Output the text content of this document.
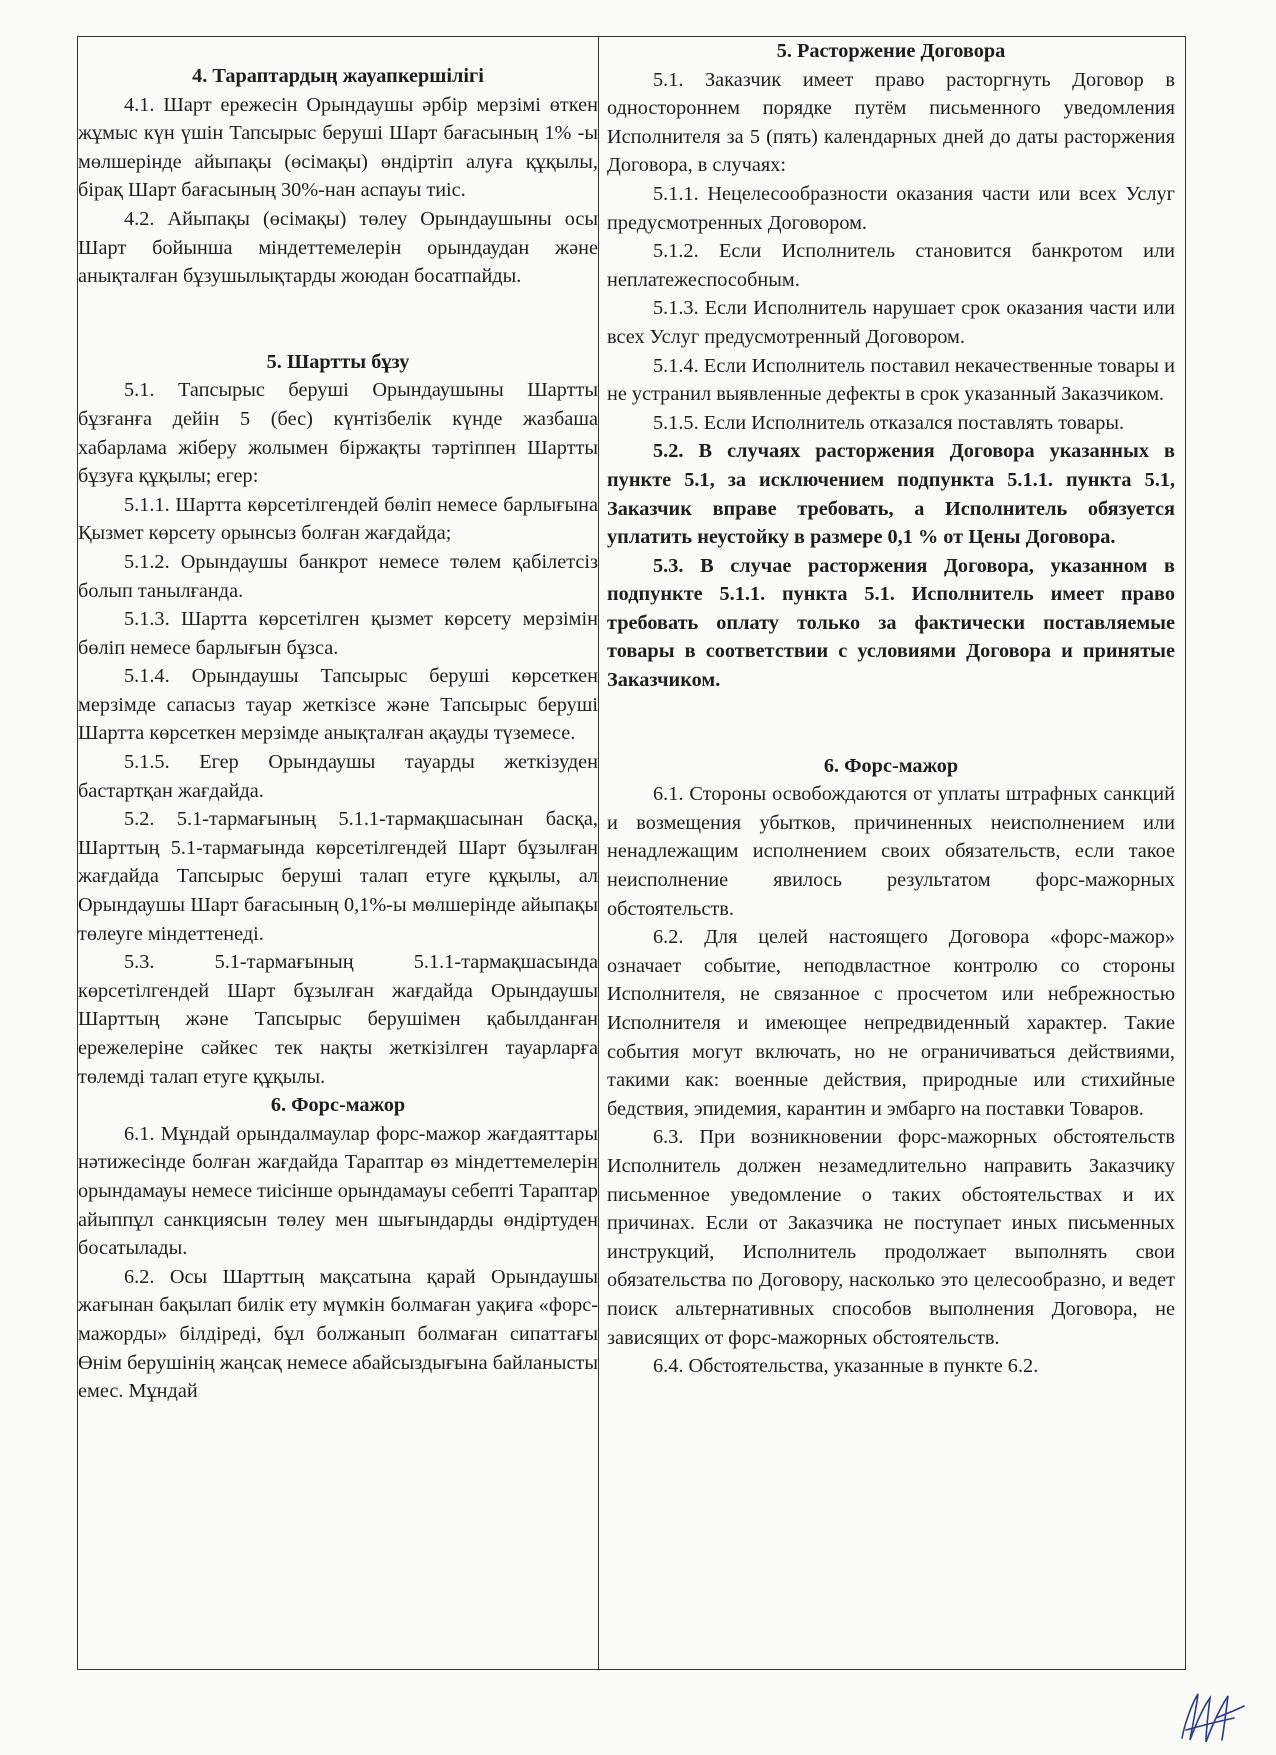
4. Тараптардың жауапкершілігі

4.1. Шарт ережесін Орындаушы әрбір мерзімі өткен жұмыс күн үшін Тапсырыс беруші Шарт бағасының 1% -ы мөлшерінде айыпақы (өсімақы) өндіртіп алуға құқылы, бірақ Шарт бағасының 30%-нан аспауы тиіс.

4.2. Айыпақы (өсімақы) төлеу Орындаушыны осы Шарт бойынша міндеттемелерін орындаудан және анықталған бұзушылықтарды жоюдан босатпайды.

5. Шартты бұзу

5.1. Тапсырыс беруші Орындаушыны Шартты бұзғанға дейін 5 (бес) күнтізбелік күнде жазбаша хабарлама жіберу жолымен біржақты тәртіппен Шартты бұзуға құқылы; егер:

5.1.1. Шартта көрсетілгендей бөліп немесе барлығына Қызмет көрсету орынсыз болған жағдайда;

5.1.2. Орындаушы банкрот немесе төлем қабілетсіз болып танылғанда.

5.1.3. Шартта көрсетілген қызмет көрсету мерзімін бөліп немесе барлығын бұзса.

5.1.4. Орындаушы Тапсырыс беруші көрсеткен мерзімде сапасыз тауар жеткізсе және Тапсырыс беруші Шартта көрсеткен мерзімде анықталған ақауды түземесе.

5.1.5. Егер Орындаушы тауарды жеткізуден бастартқан жағдайда.

5.2. 5.1-тармағының 5.1.1-тармақшасынан басқа, Шарттың 5.1-тармағында көрсетілгендей Шарт бұзылған жағдайда Тапсырыс беруші талап етуге құқылы, ал Орындаушы Шарт бағасының 0,1%-ы мөлшерінде айыпақы төлеуге міндеттенеді.

5.3. 5.1-тармағының 5.1.1-тармақшасында көрсетілгендей Шарт бұзылған жағдайда Орындаушы Шарттың және Тапсырыс берушімен қабылданған ережелеріне сәйкес тек нақты жеткізілген тауарларға төлемді талап етуге құқылы.

6. Форс-мажор

6.1. Мұндай орындалмаулар форс-мажор жағдаяттары нәтижесінде болған жағдайда Тараптар өз міндеттемелерін орындамауы немесе тиісінше орындамауы себепті Тараптар айыппұл санкциясын төлеу мен шығындарды өндіртуден босатылады.

6.2. Осы Шарттың мақсатына қарай Орындаушы жағынан бақылап билік ету мүмкін болмаған уақиға «форс-мажорды» білдіреді, бұл болжанып болмаған сипаттағы Өнім берушінің жаңсақ немесе абайсыздығына байланысты емес. Мұндай

5. Расторжение Договора

5.1. Заказчик имеет право расторгнуть Договор в одностороннем порядке путём письменного уведомления Исполнителя за 5 (пять) календарных дней до даты расторжения Договора, в случаях:

5.1.1. Нецелесообразности оказания части или всех Услуг предусмотренных Договором.

5.1.2. Если Исполнитель становится банкротом или неплатежеспособным.

5.1.3. Если Исполнитель нарушает срок оказания части или всех Услуг предусмотренный Договором.

5.1.4. Если Исполнитель поставил некачественные товары и не устранил выявленные дефекты в срок указанный Заказчиком.

5.1.5. Если Исполнитель отказался поставлять товары.

5.2. В случаях расторжения Договора указанных в пункте 5.1, за исключением подпункта 5.1.1. пункта 5.1, Заказчик вправе требовать, а Исполнитель обязуется уплатить неустойку в размере 0,1 % от Цены Договора.

5.3. В случае расторжения Договора, указанном в подпункте 5.1.1. пункта 5.1. Исполнитель имеет право требовать оплату только за фактически поставляемые товары в соответствии с условиями Договора и принятые Заказчиком.

6. Форс-мажор

6.1. Стороны освобождаются от уплаты штрафных санкций и возмещения убытков, причиненных неисполнением или ненадлежащим исполнением своих обязательств, если такое неисполнение явилось результатом форс-мажорных обстоятельств.

6.2. Для целей настоящего Договора «форс-мажор» означает событие, неподвластное контролю со стороны Исполнителя, не связанное с просчетом или небрежностью Исполнителя и имеющее непредвиденный характер. Такие события могут включать, но не ограничиваться действиями, такими как: военные действия, природные или стихийные бедствия, эпидемия, карантин и эмбарго на поставки Товаров.

6.3. При возникновении форс-мажорных обстоятельств Исполнитель должен незамедлительно направить Заказчику письменное уведомление о таких обстоятельствах и их причинах. Если от Заказчика не поступает иных письменных инструкций, Исполнитель продолжает выполнять свои обязательства по Договору, насколько это целесообразно, и ведет поиск альтернативных способов выполнения Договора, не зависящих от форс-мажорных обстоятельств.

6.4. Обстоятельства, указанные в пункте 6.2.
